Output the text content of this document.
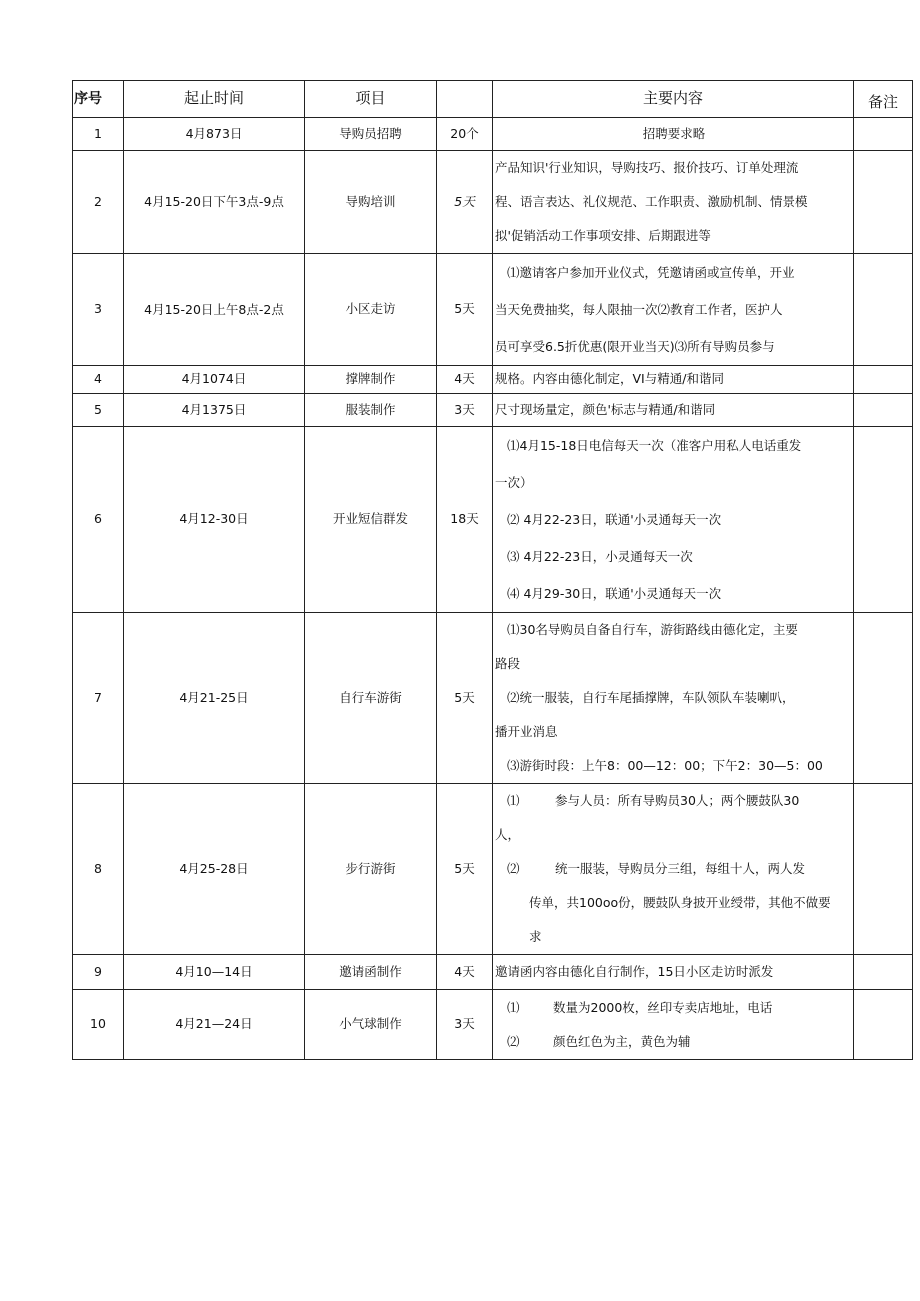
序号	起止时间	项目		主要内容	备注
1	4月873日	导购员招聘	20个	招聘要求略	

2	4月15-20日下午3点-9点	导购培训	5天	产品知识'行业知识，导购技巧、报价技巧、订单处理流
程、语言表达、礼仪规范、工作职责、激励机制、情景模
拟'促销活动工作事项安排、后期跟进等	

3	4月15-20日上午8点-2点	小区走访	5天	⑴邀请客户参加开业仪式，凭邀请函或宣传单，开业
当天免费抽奖，每人限抽一次⑵教育工作者，医护人
员可享受6.5折优惠(限开业当天)⑶所有导购员参与	

4	4月1074日	撑牌制作	4天	规格。内容由德化制定，VI与精通/和谐同	

5	4月1375日	服装制作	3天	尺寸现场量定，颜色'标志与精通/和谐同	

6	4月12-30日	开业短信群发	18天	⑴4月15-18日电信每天一次（准客户用私人电话重发
一次）
⑵ 4月22-23日，联通'小灵通每天一次
⑶ 4月22-23日，小灵通每天一次
⑷ 4月29-30日，联通'小灵通每天一次	

7	4月21-25日	自行车游街	5天	⑴30名导购员自备自行车，游街路线由德化定，主要
路段
⑵统一服装，自行车尾插撑牌，车队领队车装喇叭，
播开业消息
⑶游街时段：上午8：00—12：00；下午2：30—5：00	

8	4月25-28日	步行游街	5天	⑴ 参与人员：所有导购员30人；两个腰鼓队30
人，
⑵ 统一服装，导购员分三组，每组十人，两人发
传单，共100oo份，腰鼓队身披开业绶带，其他不做要
求	

9	4月10—14日	邀请函制作	4天	邀请函内容由德化自行制作，15日小区走访时派发	

10	4月21—24日	小气球制作	3天	⑴ 数量为2000枚，丝印专卖店地址，电话
⑵ 颜色红色为主，黄色为辅	
